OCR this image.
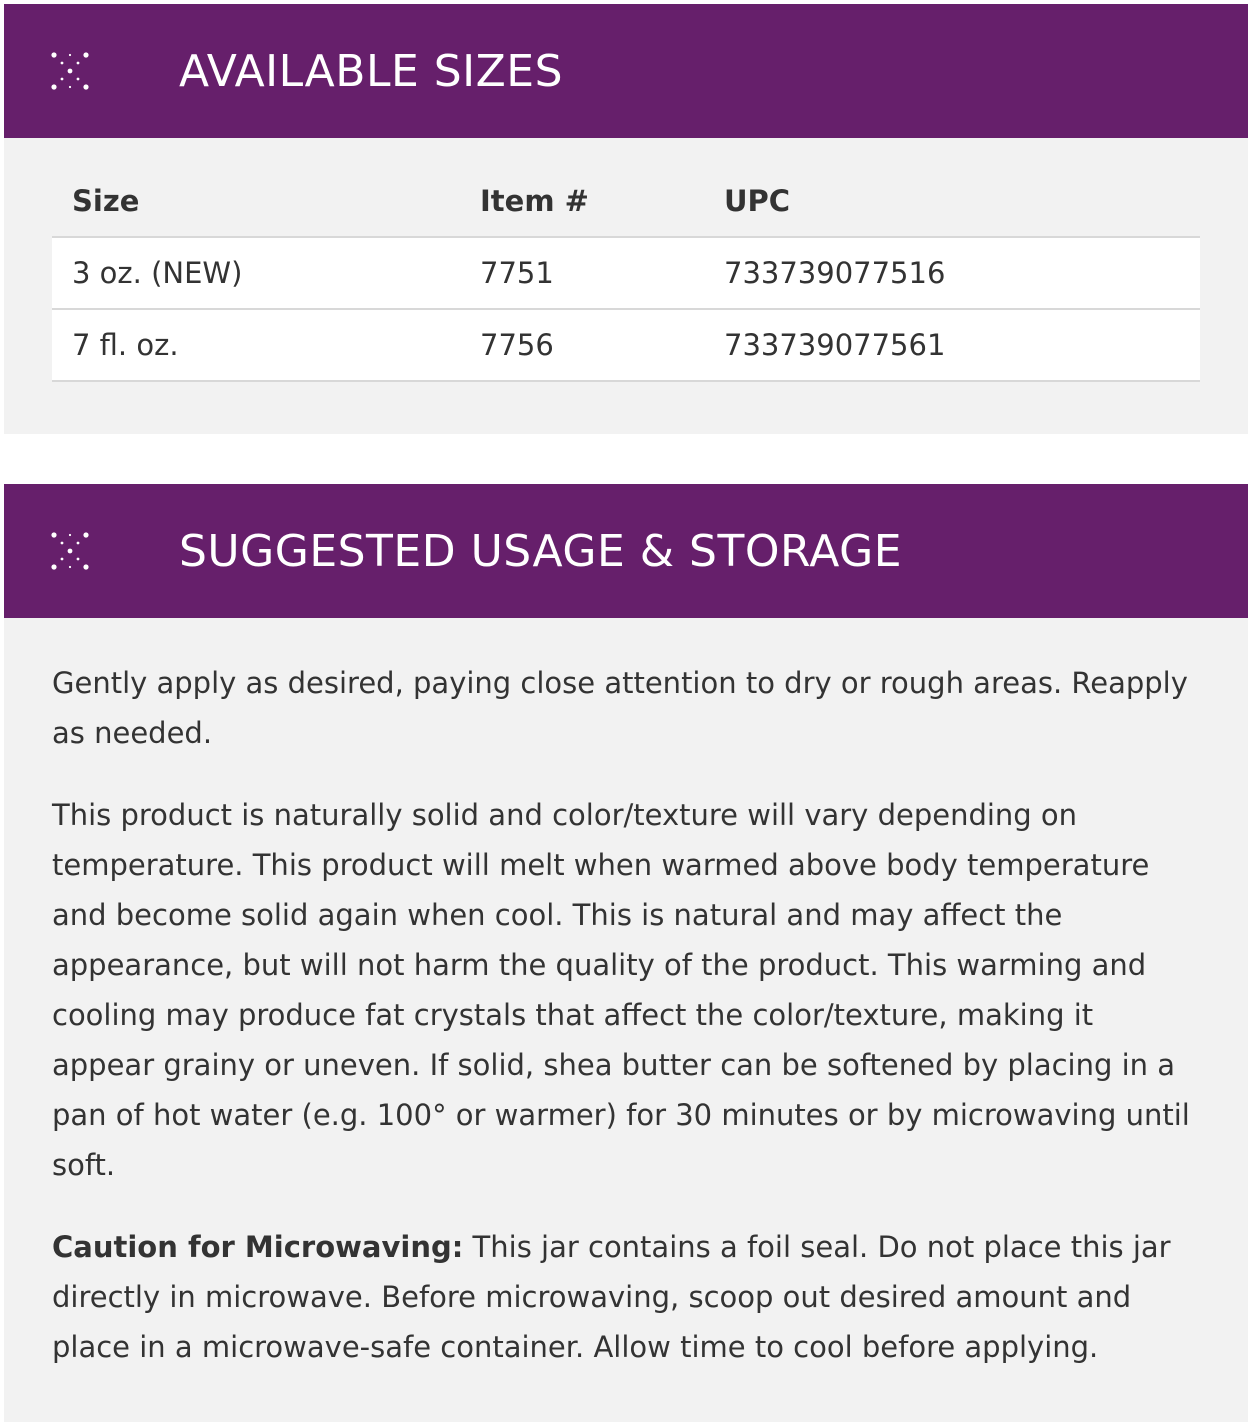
AVAILABLE SIZES
Size	Item #	UPC
3 oz. (NEW)	7751	733739077516
7 fl. oz.	7756	733739077561
SUGGESTED USAGE & STORAGE

Gently apply as desired, paying close attention to dry or rough areas. Reapply as needed.

This product is naturally solid and color/texture will vary depending on temperature. This product will melt when warmed above body temperature and become solid again when cool. This is natural and may affect the appearance, but will not harm the quality of the product. This warming and cooling may produce fat crystals that affect the color/texture, making it appear grainy or uneven. If solid, shea butter can be softened by placing in a pan of hot water (e.g. 100° or warmer) for 30 minutes or by microwaving until soft.

Caution for Microwaving: This jar contains a foil seal. Do not place this jar directly in microwave. Before microwaving, scoop out desired amount and place in a microwave-safe container. Allow time to cool before applying.
